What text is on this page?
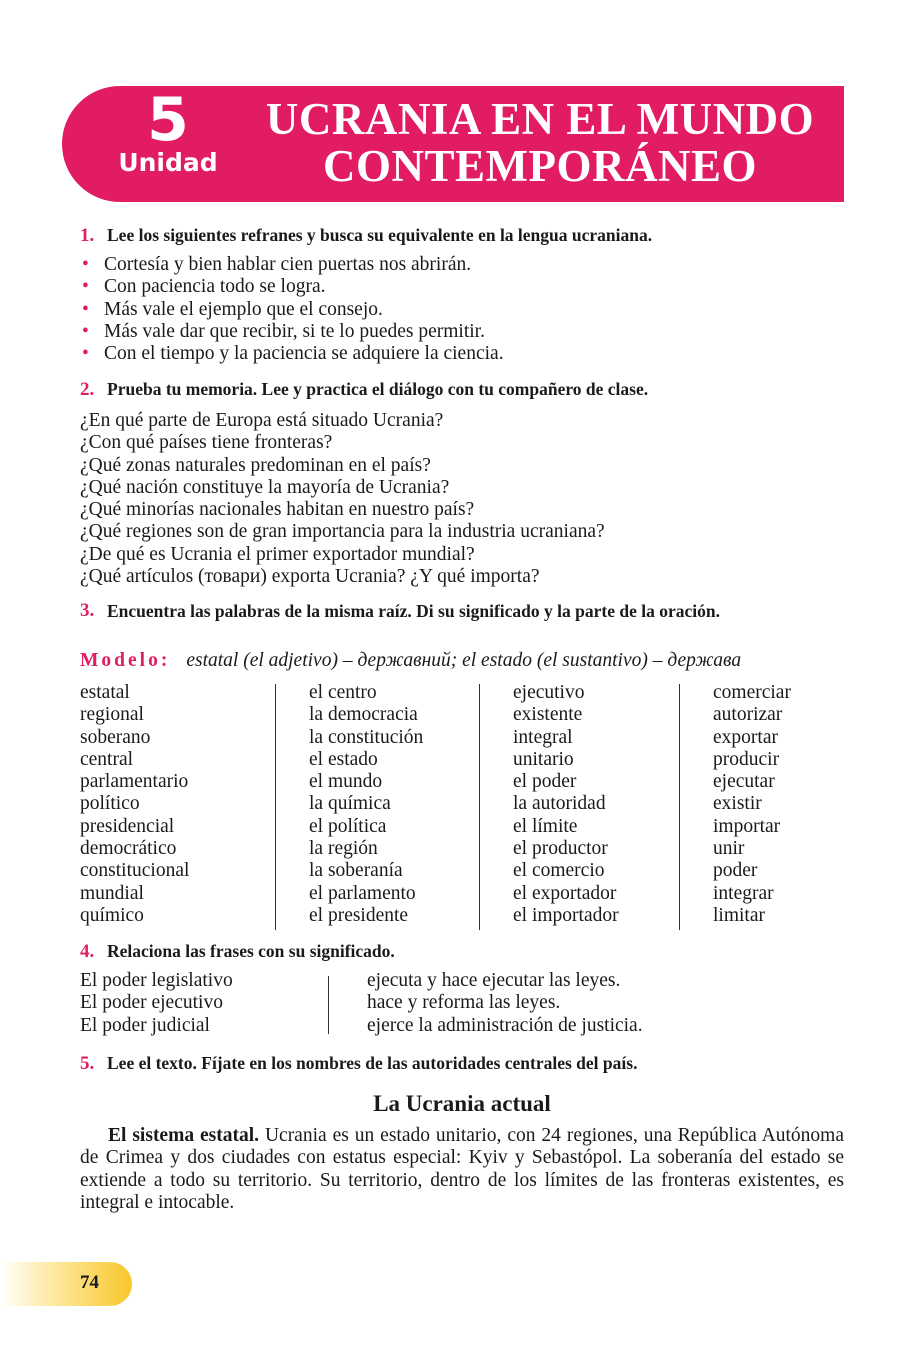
5
Unidad
UCRANIA EN EL MUNDO
CONTEMPORÁNEO
1. Lee los siguientes refranes y busca su equivalente en la lengua ucraniana.
• Cortesía y bien hablar cien puertas nos abrirán.
• Con paciencia todo se logra.
• Más vale el ejemplo que el consejo.
• Más vale dar que recibir, si te lo puedes permitir.
• Con el tiempo y la paciencia se adquiere la ciencia.
2. Prueba tu memoria. Lee y practica el diálogo con tu compañero de clase.
¿En qué parte de Europa está situado Ucrania?
¿Con qué países tiene fronteras?
¿Qué zonas naturales predominan en el país?
¿Qué nación constituye la mayoría de Ucrania?
¿Qué minorías nacionales habitan en nuestro país?
¿Qué regiones son de gran importancia para la industria ucraniana?
¿De qué es Ucrania el primer exportador mundial?
¿Qué artículos (товари) exporta Ucrania? ¿Y qué importa?
3. Encuentra las palabras de la misma raíz. Di su significado y la parte de la oración.
Modelo: estatal (el adjetivo) – державний; el estado (el sustantivo) – держава
estatal
regional
soberano
central
parlamentario
político
presidencial
democrático
constitucional
mundial
químico
el centro
la democracia
la constitución
el estado
el mundo
la química
el política
la región
la soberanía
el parlamento
el presidente
ejecutivo
existente
integral
unitario
el poder
la autoridad
el límite
el productor
el comercio
el exportador
el importador
comerciar
autorizar
exportar
producir
ejecutar
existir
importar
unir
poder
integrar
limitar
4. Relaciona las frases con su significado.
El poder legislativo
El poder ejecutivo
El poder judicial
ejecuta y hace ejecutar las leyes.
hace y reforma las leyes.
ejerce la administración de justicia.
5. Lee el texto. Fíjate en los nombres de las autoridades centrales del país.
La Ucrania actual

El sistema estatal. Ucrania es un estado unitario, con 24 regiones, una República Autónoma de Crimea y dos ciudades con estatus especial: Kyiv y Sebastópol. La soberanía del estado se extiende a todo su territorio. Su territorio, dentro de los límites de las fronteras existentes, es integral e intocable.

74
